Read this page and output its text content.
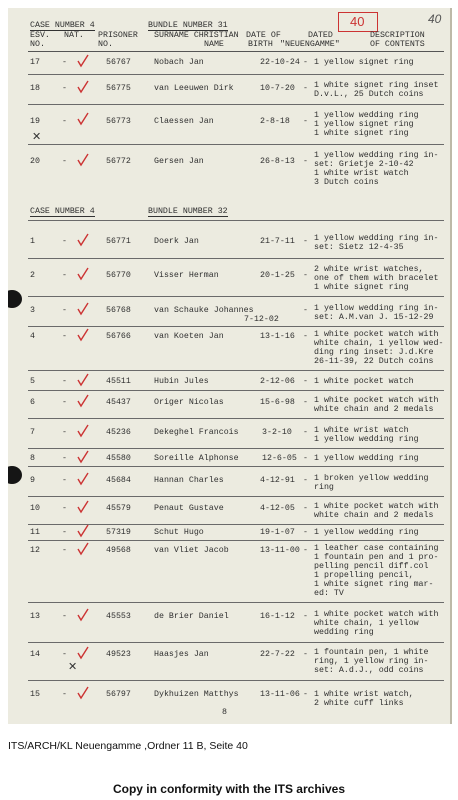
CASE NUMBER 4	BUNDLE NUMBER 31	40	40
ESV.
NO.
NAT. PRISONER
NO.
SURNAME CHRISTIAN
NAME
DATE OF
BIRTH
DATED
"NEUENGAMME"
DESCRIPTION
OF CONTENTS
17	-	56767	Nobach Jan	22-10-24 - 1 yellow signet ring
18	-	56775	van Leeuwen Dirk	10-7-20 - 1 white signet ring inset
D.v.L., 25 Dutch coins
19	-
✕
56773	Claessen Jan	2-8-18 -
1 yellow wedding ring
1 yellow signet ring
1 white signet ring
20	-	56772	Gersen Jan	26-8-13 -
1 yellow wedding ring in-
set: Grietje 2-10-42
1 white wrist watch
3 Dutch coins
CASE NUMBER 4	BUNDLE NUMBER 32
1	-	56771	Doerk Jan	21-7-11 - 1 yellow wedding ring in-
set: Sietz 12-4-35
2	-	56770	Visser Herman	20-1-25 -
2 white wrist watches,
one of them with bracelet
1 white signet ring
3	-	56768	van Schauke Johannes
7-12-02
- 1 yellow wedding ring in-
set: A.M.van J. 15-12-29
4	-	56766	van Koeten Jan	13-1-16 - 1 white pocket watch with
white chain, 1 yellow wed-
ding ring inset: J.d.Kre
26-11-39, 22 Dutch coins
5	-	45511	Hubin Jules	2-12-06 - 1 white pocket watch
6	-	45437	Origer Nicolas	15-6-98 - 1 white pocket watch with
white chain and 2 medals
7	-	45236	Dekeghel Francois	3-2-10 - 1 white wrist watch
1 yellow wedding ring
8	-	45580	Soreille Alphonse	12-6-05 - 1 yellow wedding ring
9	-	45684	Hannan Charles	4-12-91 - 1 broken yellow wedding
ring
10	-	45579	Penaut Gustave	4-12-05 - 1 white pocket watch with
white chain and 2 medals
11	-	57319	Schut Hugo	19-1-07 - 1 yellow wedding ring
12	-	49568	van Vliet Jacob	13-11-00 - 1 leather case containing
1 fountain pen and 1 pro-
pelling pencil diff.col
1 propelling pencil,
1 white signet ring mar-
ed: TV
13	-	45553	de Brier Daniel	16-1-12 - 1 white pocket watch with
white chain, 1 yellow
wedding ring
14	-
✕
49523	Haasjes Jan	22-7-22 - 1 fountain pen, 1 white
ring, 1 yellow ring in-
set: A.d.J., odd coins
15	-	56797	Dykhuizen Matthys	13-11-06 - 1 white wrist watch,
2 white cuff links
8
ITS/ARCH/KL Neuengamme ,Ordner 11 B, Seite 40
Copy in conformity with the ITS archives
